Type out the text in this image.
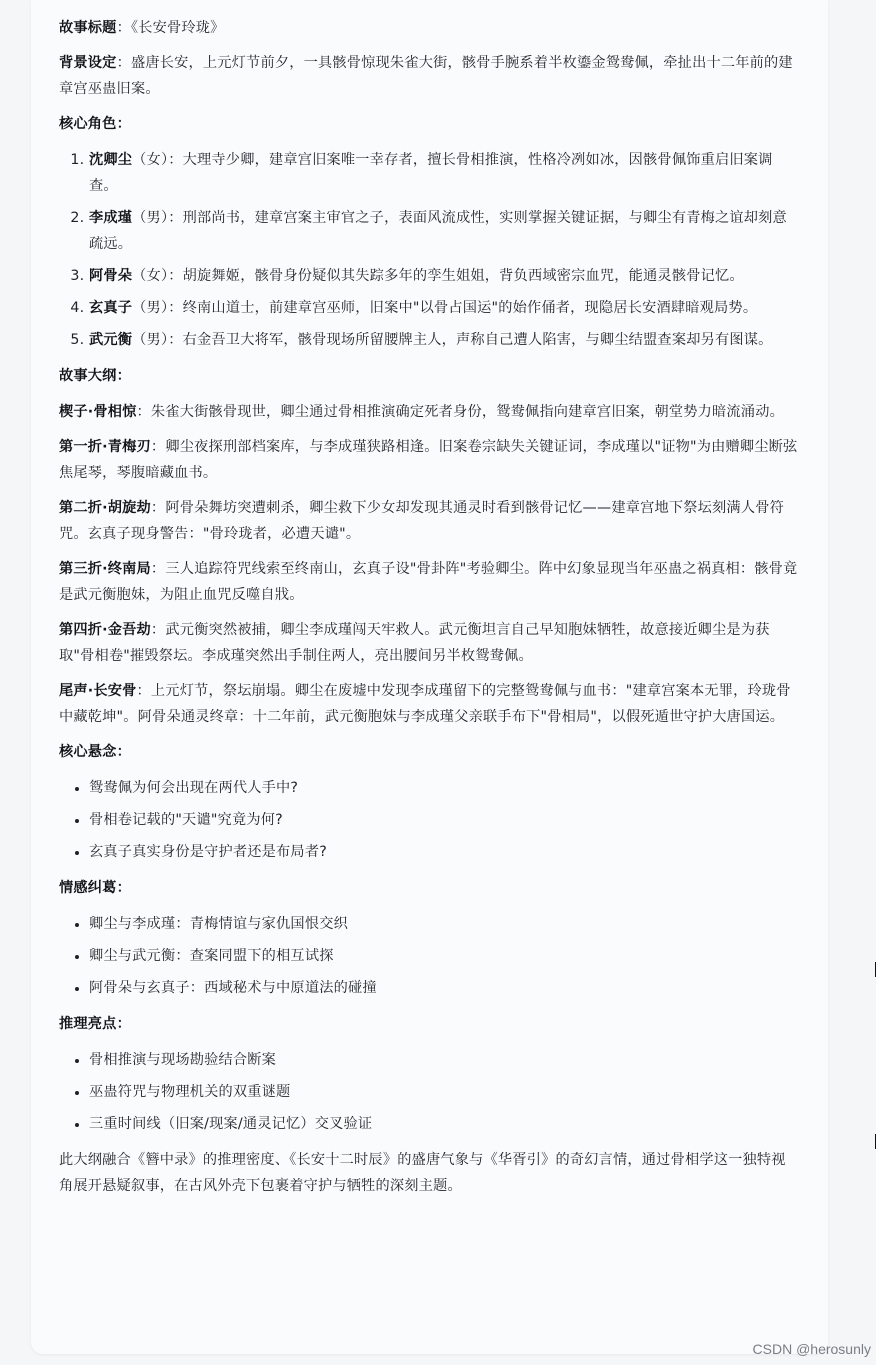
故事标题：《长安骨玲珑》

背景设定：盛唐长安，上元灯节前夕，一具骸骨惊现朱雀大街，骸骨手腕系着半枚鎏金鸳鸯佩，牵扯出十二年前的建章宫巫蛊旧案。

核心角色：

1. 沈卿尘（女）：大理寺少卿，建章宫旧案唯一幸存者，擅长骨相推演，性格冷冽如冰，因骸骨佩饰重启旧案调查。
2. 李成瑾（男）：刑部尚书，建章宫案主审官之子，表面风流成性，实则掌握关键证据，与卿尘有青梅之谊却刻意疏远。
3. 阿骨朵（女）：胡旋舞姬，骸骨身份疑似其失踪多年的孪生姐姐，背负西域密宗血咒，能通灵骸骨记忆。
4. 玄真子（男）：终南山道士，前建章宫巫师，旧案中"以骨占国运"的始作俑者，现隐居长安酒肆暗观局势。
5. 武元衡（男）：右金吾卫大将军，骸骨现场所留腰牌主人，声称自己遭人陷害，与卿尘结盟查案却另有图谋。

故事大纲：

楔子·骨相惊：朱雀大街骸骨现世，卿尘通过骨相推演确定死者身份，鸳鸯佩指向建章宫旧案，朝堂势力暗流涌动。

第一折·青梅刃：卿尘夜探刑部档案库，与李成瑾狭路相逢。旧案卷宗缺失关键证词，李成瑾以"证物"为由赠卿尘断弦焦尾琴，琴腹暗藏血书。

第二折·胡旋劫：阿骨朵舞坊突遭刺杀，卿尘救下少女却发现其通灵时看到骸骨记忆——建章宫地下祭坛刻满人骨符咒。玄真子现身警告："骨玲珑者，必遭天谴"。

第三折·终南局：三人追踪符咒线索至终南山，玄真子设"骨卦阵"考验卿尘。阵中幻象显现当年巫蛊之祸真相：骸骨竟是武元衡胞妹，为阻止血咒反噬自戕。

第四折·金吾劫：武元衡突然被捕，卿尘李成瑾闯天牢救人。武元衡坦言自己早知胞妹牺牲，故意接近卿尘是为获取"骨相卷"摧毁祭坛。李成瑾突然出手制住两人，亮出腰间另半枚鸳鸯佩。

尾声·长安骨：上元灯节，祭坛崩塌。卿尘在废墟中发现李成瑾留下的完整鸳鸯佩与血书："建章宫案本无罪，玲珑骨中藏乾坤"。阿骨朵通灵终章：十二年前，武元衡胞妹与李成瑾父亲联手布下"骨相局"，以假死遁世守护大唐国运。

核心悬念：

• 鸳鸯佩为何会出现在两代人手中?
• 骨相卷记载的"天谴"究竟为何?
• 玄真子真实身份是守护者还是布局者?

情感纠葛：

• 卿尘与李成瑾：青梅情谊与家仇国恨交织
• 卿尘与武元衡：查案同盟下的相互试探
• 阿骨朵与玄真子：西域秘术与中原道法的碰撞

推理亮点：

• 骨相推演与现场勘验结合断案
• 巫蛊符咒与物理机关的双重谜题
• 三重时间线（旧案/现案/通灵记忆）交叉验证

此大纲融合《簪中录》的推理密度、《长安十二时辰》的盛唐气象与《华胥引》的奇幻言情，通过骨相学这一独特视角展开悬疑叙事，在古风外壳下包裹着守护与牺牲的深刻主题。

CSDN @herosunly
